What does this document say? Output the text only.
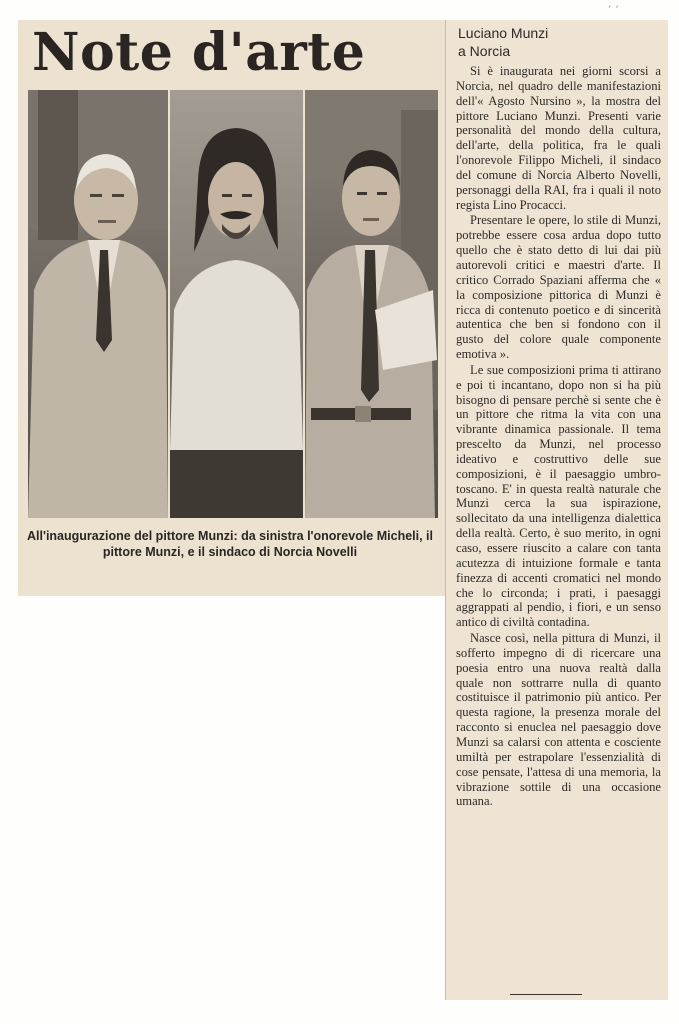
´ ˊ
Note d'arte
All'inaugurazione del pittore Munzi: da sinistra l'onorevole Micheli, il pittore Munzi, e il sindaco di Norcia Novelli
Luciano Munzi
a Norcia

Si è inaugurata nei giorni scorsi a Norcia, nel quadro delle manifestazioni dell'« Agosto Nursino », la mostra del pittore Luciano Munzi. Presenti varie personalità del mondo della cultura, dell'arte, della politica, fra le quali l'onorevole Filippo Micheli, il sindaco del comune di Norcia Alberto Novelli, personaggi della RAI, fra i quali il noto regista Lino Procacci.

Presentare le opere, lo stile di Munzi, potrebbe essere cosa ardua dopo tutto quello che è stato detto di lui dai più autorevoli critici e maestri d'arte. Il critico Corrado Spaziani afferma che « la composizione pittorica di Munzi è ricca di contenuto poetico e di sincerità autentica che ben si fondono con il gusto del colore quale componente emotiva ».

Le sue composizioni prima ti attirano e poi ti incantano, dopo non si ha più bisogno di pensare perchè si sente che è un pittore che ritma la vita con una vibrante dinamica passionale. Il tema prescelto da Munzi, nel processo ideativo e costruttivo delle sue composizioni, è il paesaggio umbro-toscano. E' in questa realtà naturale che Munzi cerca la sua ispirazione, sollecitato da una intelligenza dialettica della realtà. Certo, è suo merito, in ogni caso, essere riuscito a calare con tanta acutezza di intuizione formale e tanta finezza di accenti cromatici nel mondo che lo circonda; i prati, i paesaggi aggrappati al pendio, i fiori, e un senso antico di civiltà contadina.

Nasce così, nella pittura di Munzi, il sofferto impegno di di ricercare una poesia entro una nuova realtà dalla quale non sottrarre nulla di quanto costituisce il patrimonio più antico. Per questa ragione, la presenza morale del racconto si enuclea nel paesaggio dove Munzi sa calarsi con attenta e cosciente umiltà per estrapolare l'essenzialità di cose pensate, l'attesa di una memoria, la vibrazione sottile di una occasione umana.
